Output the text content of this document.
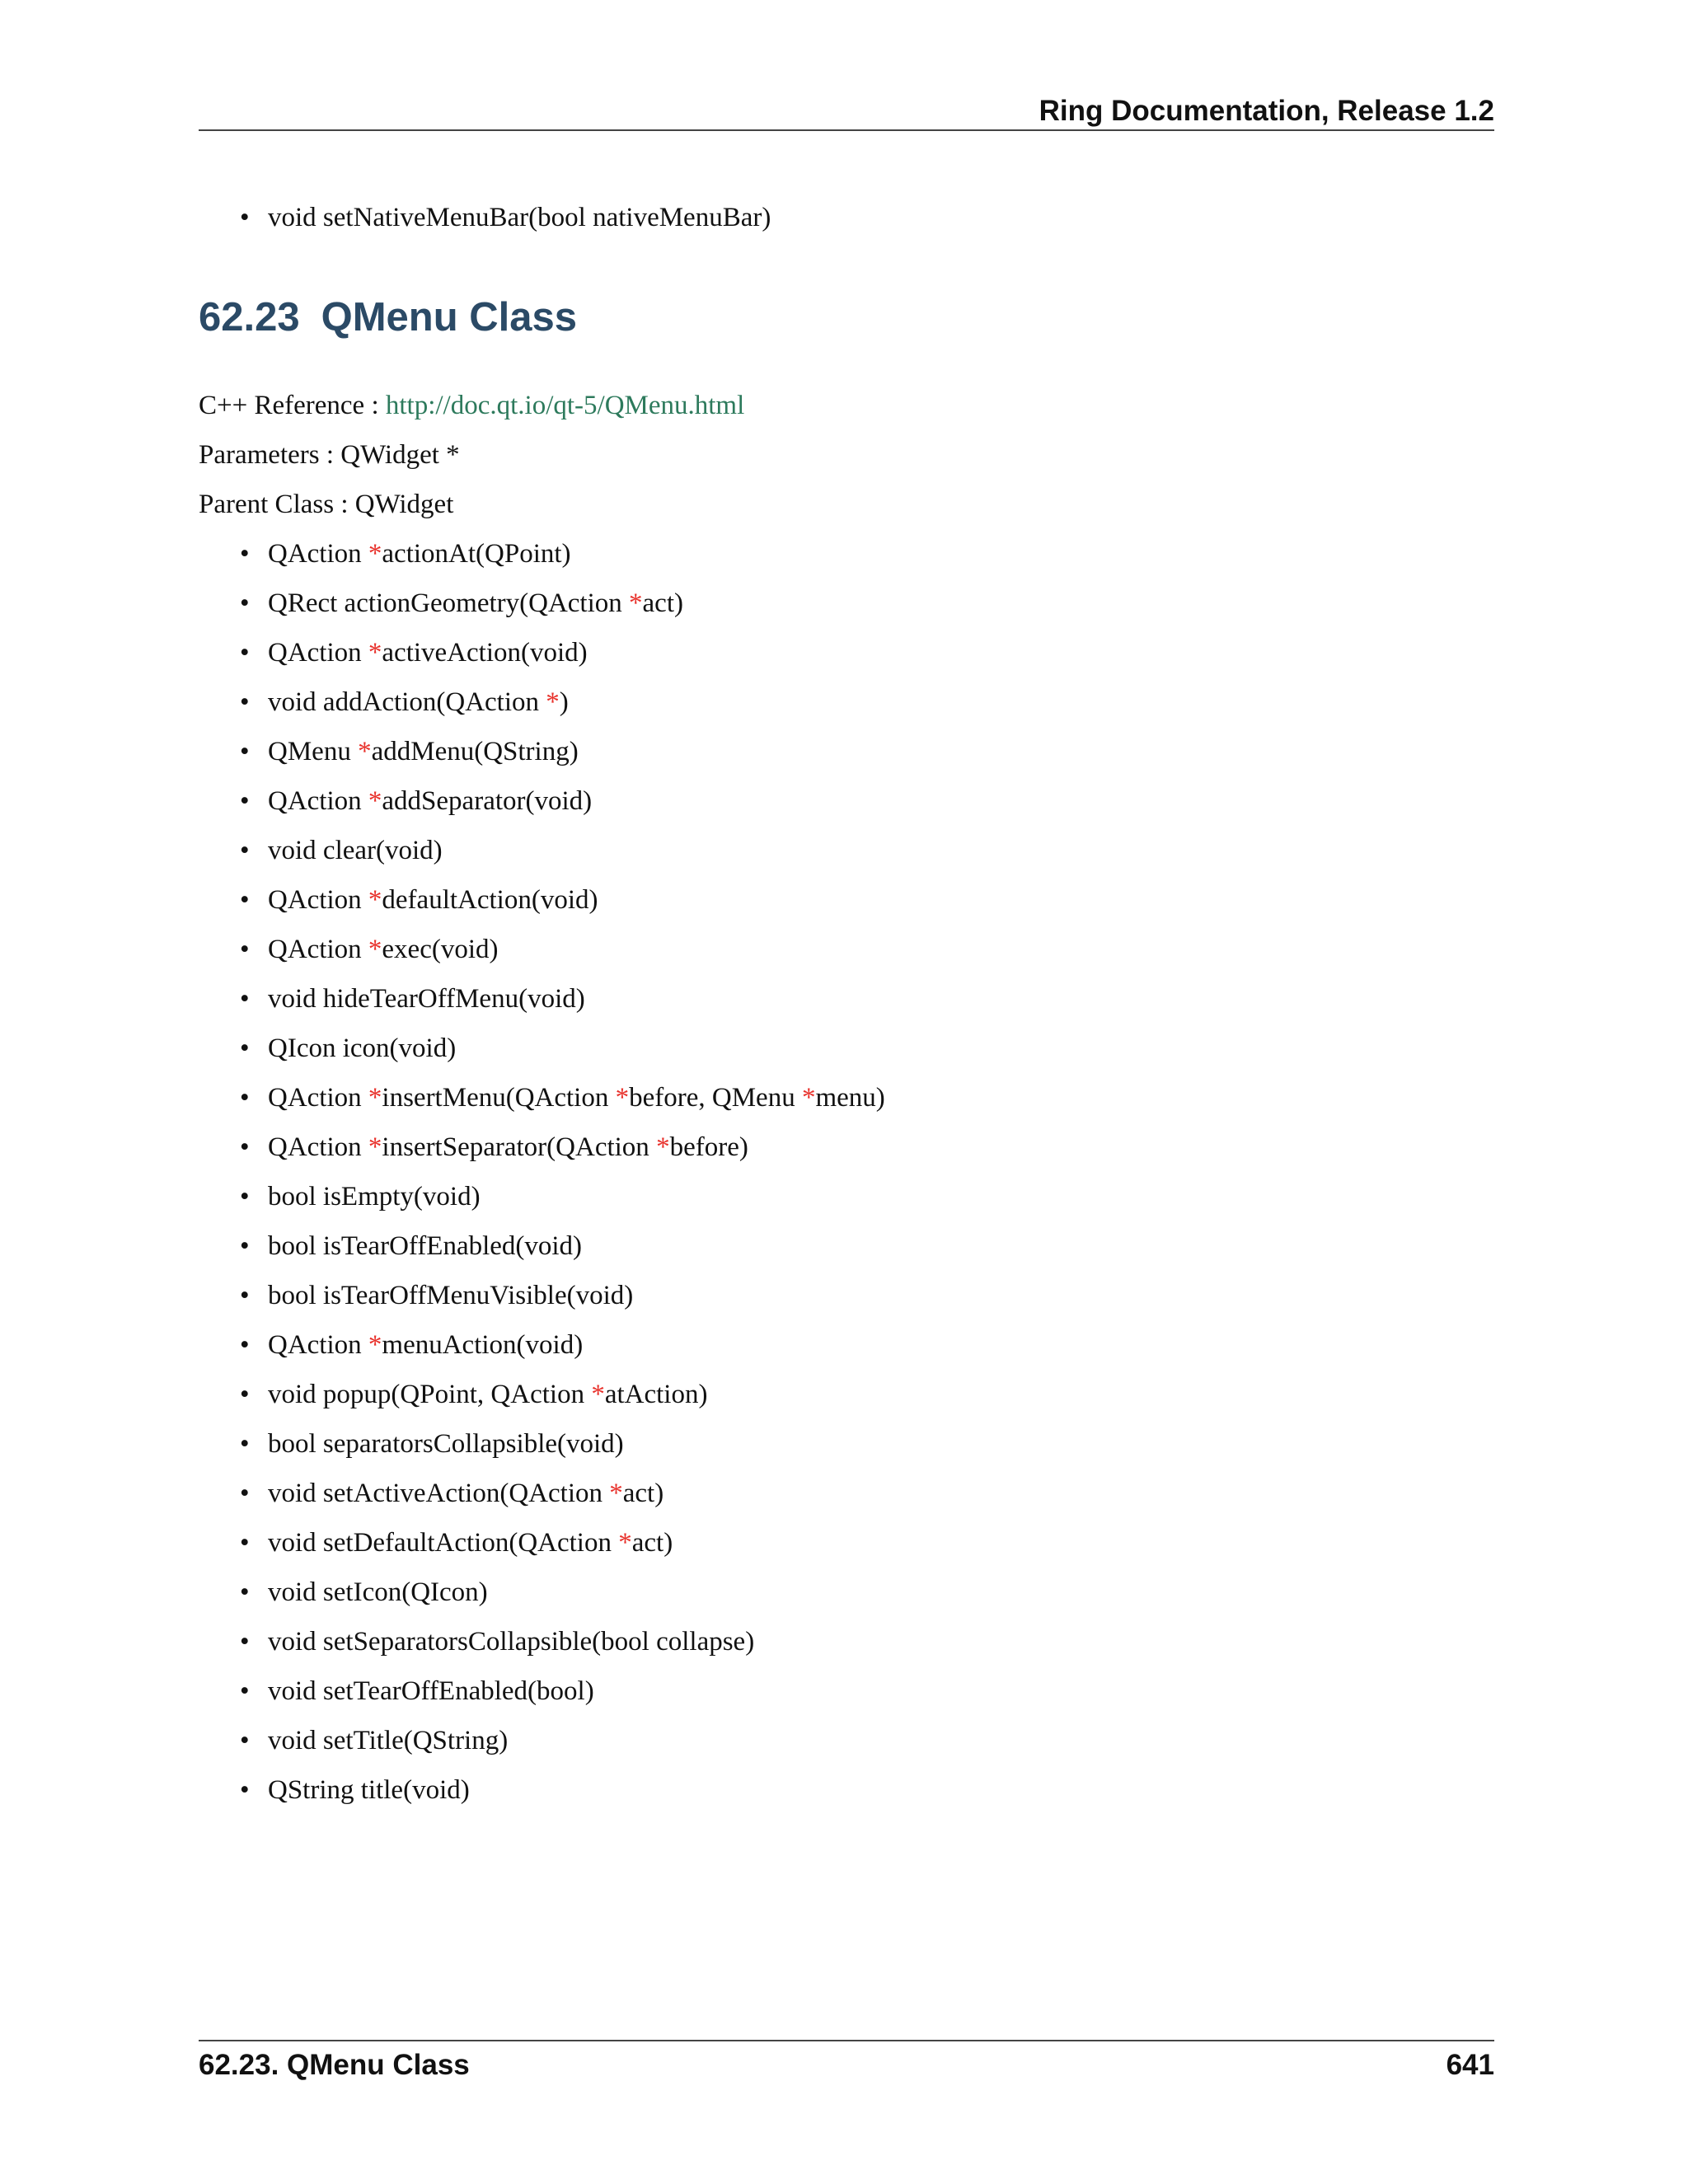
Ring Documentation, Release 1.2
• void setNativeMenuBar(bool nativeMenuBar)
62.23 QMenu Class
C++ Reference : http://doc.qt.io/qt-5/QMenu.html
Parameters : QWidget *
Parent Class : QWidget
• QAction *actionAt(QPoint)
• QRect actionGeometry(QAction *act)
• QAction *activeAction(void)
• void addAction(QAction *)
• QMenu *addMenu(QString)
• QAction *addSeparator(void)
• void clear(void)
• QAction *defaultAction(void)
• QAction *exec(void)
• void hideTearOffMenu(void)
• QIcon icon(void)
• QAction *insertMenu(QAction *before, QMenu *menu)
• QAction *insertSeparator(QAction *before)
• bool isEmpty(void)
• bool isTearOffEnabled(void)
• bool isTearOffMenuVisible(void)
• QAction *menuAction(void)
• void popup(QPoint, QAction *atAction)
• bool separatorsCollapsible(void)
• void setActiveAction(QAction *act)
• void setDefaultAction(QAction *act)
• void setIcon(QIcon)
• void setSeparatorsCollapsible(bool collapse)
• void setTearOffEnabled(bool)
• void setTitle(QString)
• QString title(void)
62.23. QMenu Class	641
